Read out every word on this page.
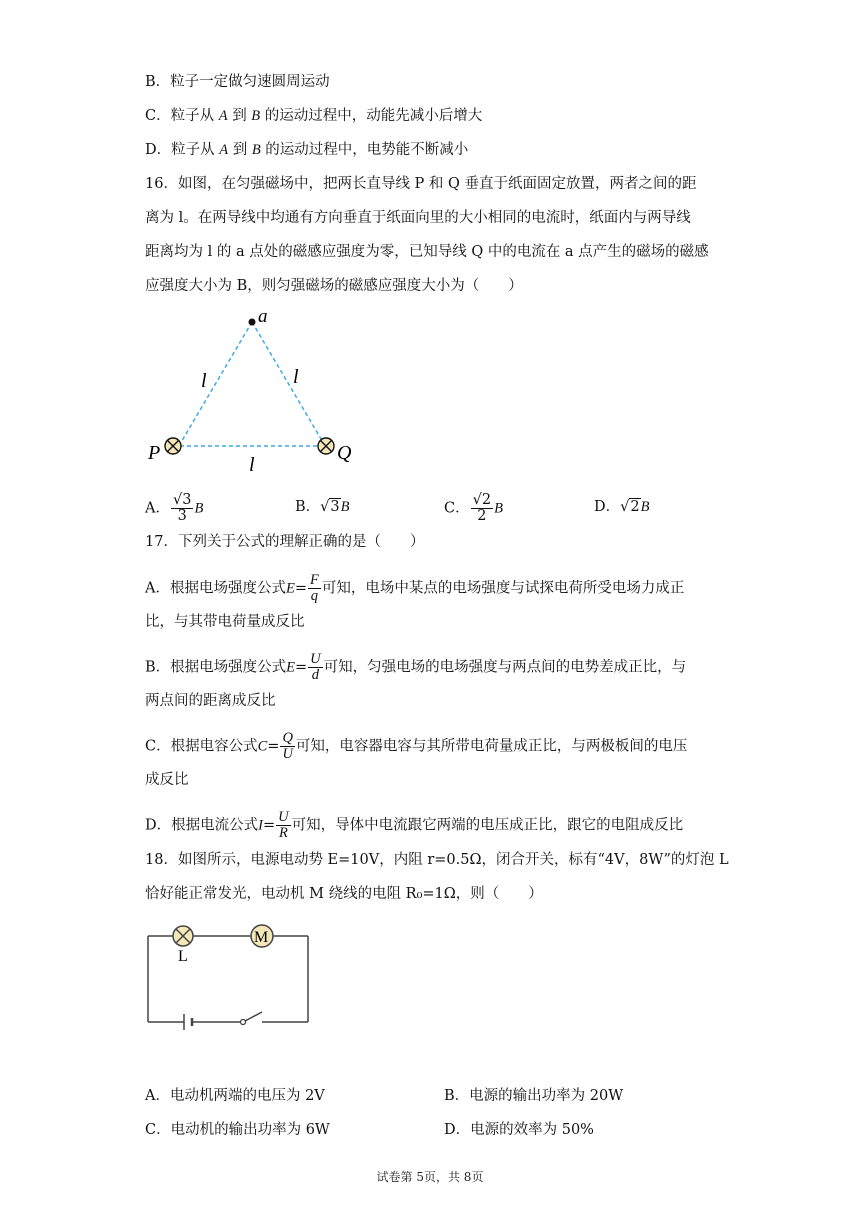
B．粒子一定做匀速圆周运动
C．粒子从 A 到 B 的运动过程中，动能先减小后增大
D．粒子从 A 到 B 的运动过程中，电势能不断减小
16．如图，在匀强磁场中，把两长直导线 P 和 Q 垂直于纸面固定放置，两者之间的距
离为 l。在两导线中均通有方向垂直于纸面向里的大小相同的电流时，纸面内与两导线
距离均为 l 的 a 点处的磁感应强度为零，已知导线 Q 中的电流在 a 点产生的磁场的磁感
应强度大小为 B，则匀强磁场的磁感应强度大小为（　　）
a
P	Q
l	l
l
A． $\frac{√3}{3}$ B	B．√3B	C． $\frac{√2}{2}$ B	D．√2B
17．下列关于公式的理解正确的是（　　）
A．根据电场强度公式$E= \frac{F}{q}$ 可知，电场中某点的电场强度与试探电荷所受电场力成正
比，与其带电荷量成反比
B．根据电场强度公式$E= \frac{U}{d}$ 可知，匀强电场的电场强度与两点间的电势差成正比，与
两点间的距离成反比
C．根据电容公式$C= \frac{Q}{U}$ 可知，电容器电容与其所带电荷量成正比，与两极板间的电压
成反比
D．根据电流公式$I= \frac{U}{R}$ 可知，导体中电流跟它两端的电压成正比，跟它的电阻成反比
18．如图所示，电源电动势 E=10V，内阻 r=0.5Ω，闭合开关，标有“4V，8W”的灯泡 L
恰好能正常发光，电动机 M 绕线的电阻 R₀=1Ω，则（　　）
L
M
A．电动机两端的电压为 2V	B．电源的输出功率为 20W
C．电动机的输出功率为 6W	D．电源的效率为 50%
试卷第 5页，共 8页
